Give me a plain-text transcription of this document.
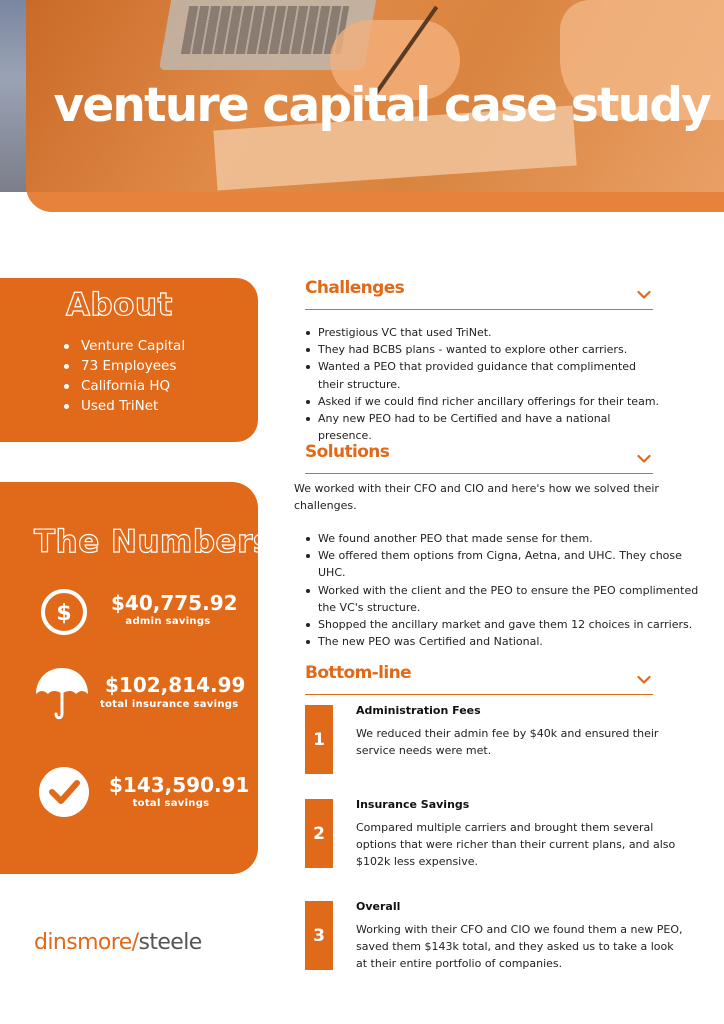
venture capital case study
About
Venture Capital
73 Employees
California HQ
Used TriNet
The Numbers
$ $40,775.92
admin savings
$102,814.99
total insurance savings
$143,590.91
total savings
dinsmore/steele
Challenges
Prestigious VC that used TriNet.
They had BCBS plans - wanted to explore other carriers.
Wanted a PEO that provided guidance that complimented their structure.
Asked if we could find richer ancillary offerings for their team.
Any new PEO had to be Certified and have a national presence.
Solutions

We worked with their CFO and CIO and here's how we solved their challenges.

We found another PEO that made sense for them.
We offered them options from Cigna, Aetna, and UHC. They chose UHC.
Worked with the client and the PEO to ensure the PEO complimented the VC's structure.
Shopped the ancillary market and gave them 12 choices in carriers.
The new PEO was Certified and National.
Bottom-line
1
Administration Fees
We reduced their admin fee by $40k and ensured their service needs were met.
2
Insurance Savings
Compared multiple carriers and brought them several options that were richer than their current plans, and also $102k less expensive.
3
Overall
Working with their CFO and CIO we found them a new PEO, saved them $143k total, and they asked us to take a look at their entire portfolio of companies.
